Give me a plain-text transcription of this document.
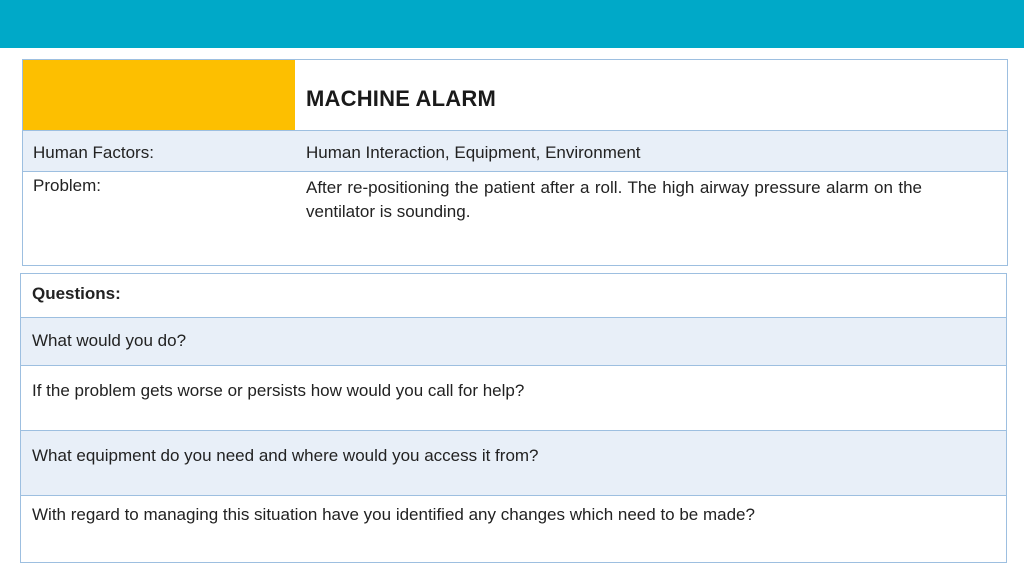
MACHINE ALARM
Human Factors:	Human Interaction, Equipment, Environment
Problem:	After re-positioning the patient after a roll. The high airway pressure alarm on the ventilator is sounding.
Questions:
What would you do?
If the problem gets worse or persists how would you call for help?
What equipment do you need and where would you access it from?
With regard to managing this situation have you identified any changes which need to be made?
